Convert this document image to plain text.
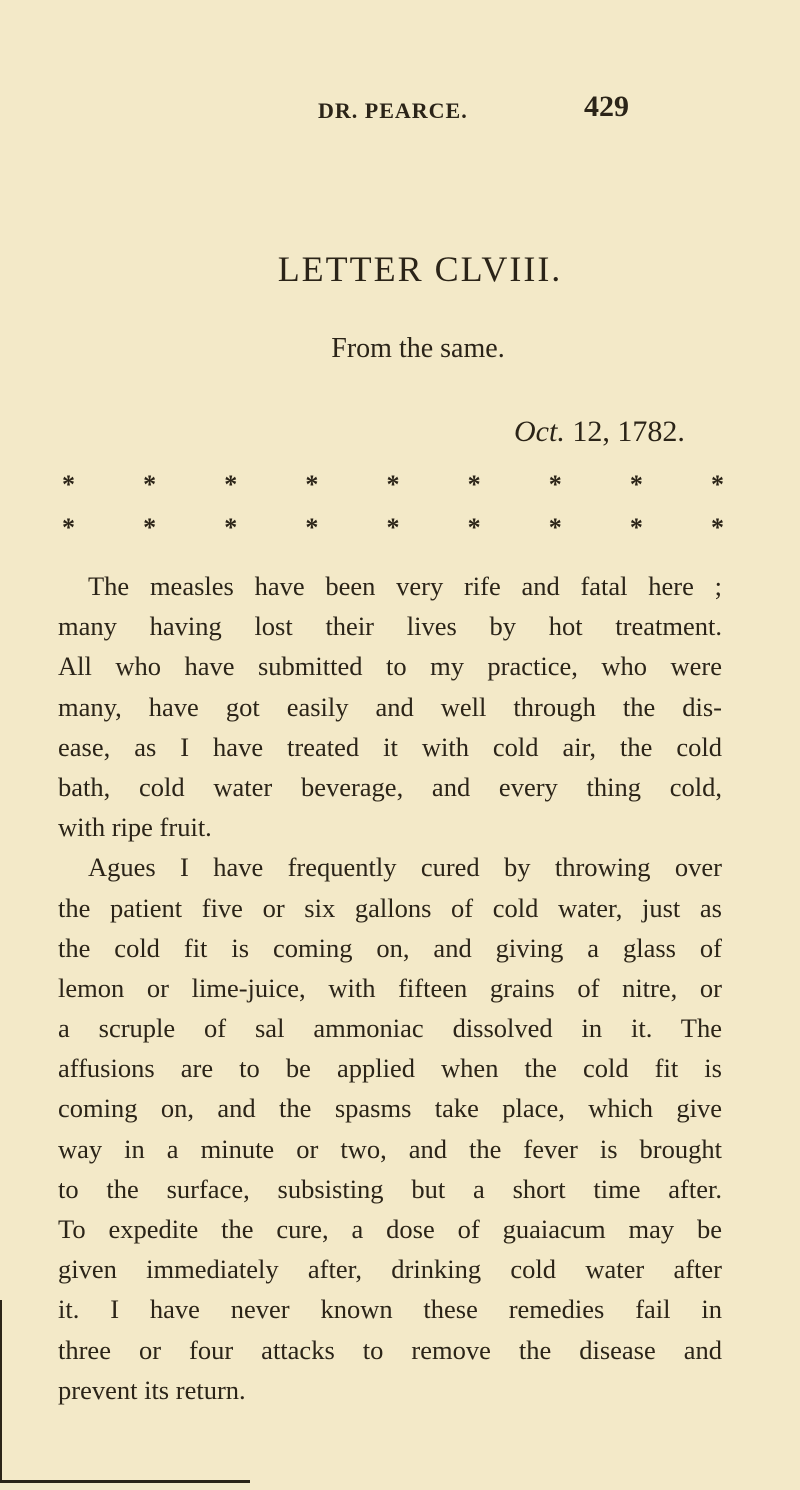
DR. PEARCE.	429
LETTER CLVIII.
From the same.
Oct. 12, 1782.
*	*	*	*	*	*	*	*	*
*	*	*	*	*	*	*	*	*
The measles have been very rife and fatal here ;
many having lost their lives by hot treatment.
All who have submitted to my practice, who were
many, have got easily and well through the dis-
ease, as I have treated it with cold air, the cold
bath, cold water beverage, and every thing cold,
with ripe fruit.
Agues I have frequently cured by throwing over
the patient five or six gallons of cold water, just as
the cold fit is coming on, and giving a glass of
lemon or lime-juice, with fifteen grains of nitre, or
a scruple of sal ammoniac dissolved in it. The
affusions are to be applied when the cold fit is
coming on, and the spasms take place, which give
way in a minute or two, and the fever is brought
to the surface, subsisting but a short time after.
To expedite the cure, a dose of guaiacum may be
given immediately after, drinking cold water after
it. I have never known these remedies fail in
three or four attacks to remove the disease and
prevent its return.
